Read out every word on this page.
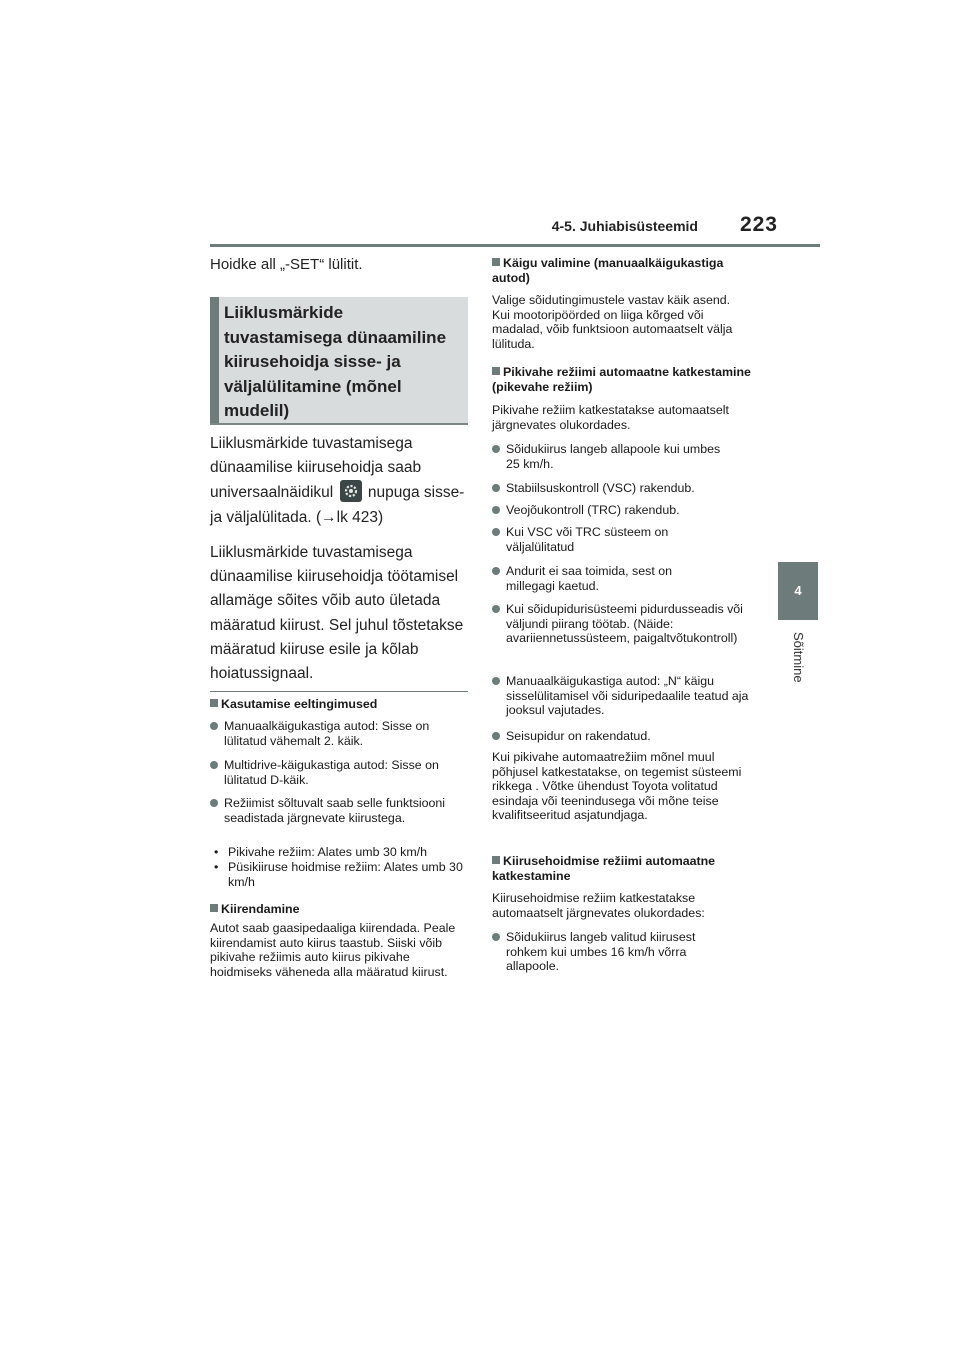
4-5. Juhiabisüsteemid	223
4
Sõitmine
Hoidke all „-SET“ lülitit.
Liiklusmärkide tuvastamisega dünaamiline kiirusehoidja sisse- ja väljalülitamine (mõnel mudelil)
Liiklusmärkide tuvastamisega dünaamilise kiirusehoidja saab universaalnäidikul nupuga sisse- ja väljalülitada. (→lk 423)
Liiklusmärkide tuvastamisega dünaamilise kiirusehoidja töötamisel allamäge sõites võib auto ületada määratud kiirust. Sel juhul tõstetakse määratud kiiruse esile ja kõlab hoiatussignaal.
Kasutamise eeltingimused
Manuaalkäigukastiga autod: Sisse on lülitatud vähemalt 2. käik.
Multidrive-käigukastiga autod: Sisse on lülitatud D-käik.
Režiimist sõltuvalt saab selle funktsiooni seadistada järgnevate kiirustega.
• Pikivahe režiim: Alates umb 30 km/h
• Püsikiiruse hoidmise režiim: Alates umb 30 km/h
Kiirendamine
Autot saab gaasipedaaliga kiirendada. Peale kiirendamist auto kiirus taastub. Siiski võib pikivahe režiimis auto kiirus pikivahe hoidmiseks väheneda alla määratud kiirust.
Käigu valimine (manuaalkäigukastiga autod)
Valige sõidutingimustele vastav käik asend. Kui mootoripöörded on liiga kõrged või madalad, võib funktsioon automaatselt välja lülituda.
Pikivahe režiimi automaatne katkestamine (pikevahe režiim)
Pikivahe režiim katkestatakse automaatselt järgnevates olukordades.
Sõidukiirus langeb allapoole kui umbes 25 km/h.
Stabiilsuskontroll (VSC) rakendub.
Veojõukontroll (TRC) rakendub.
Kui VSC või TRC süsteem on väljalülitatud
Andurit ei saa toimida, sest on millegagi kaetud.
Kui sõidupidurisüsteemi pidurdusseadis või väljundi piirang töötab. (Näide: avariiennetussüsteem, paigaltvõtukontroll)
Manuaalkäigukastiga autod: „N“ käigu sisselülitamisel või siduripedaalile teatud aja jooksul vajutades.
Seisupidur on rakendatud.
Kui pikivahe automaatrežiim mõnel muul põhjusel katkestatakse, on tegemist süsteemi rikkega . Võtke ühendust Toyota volitatud esindaja või teenindusega või mõne teise kvalifitseeritud asjatundjaga.
Kiirusehoidmise režiimi automaatne katkestamine
Kiirusehoidmise režiim katkestatakse automaatselt järgnevates olukordades:
Sõidukiirus langeb valitud kiirusest rohkem kui umbes 16 km/h võrra allapoole.
